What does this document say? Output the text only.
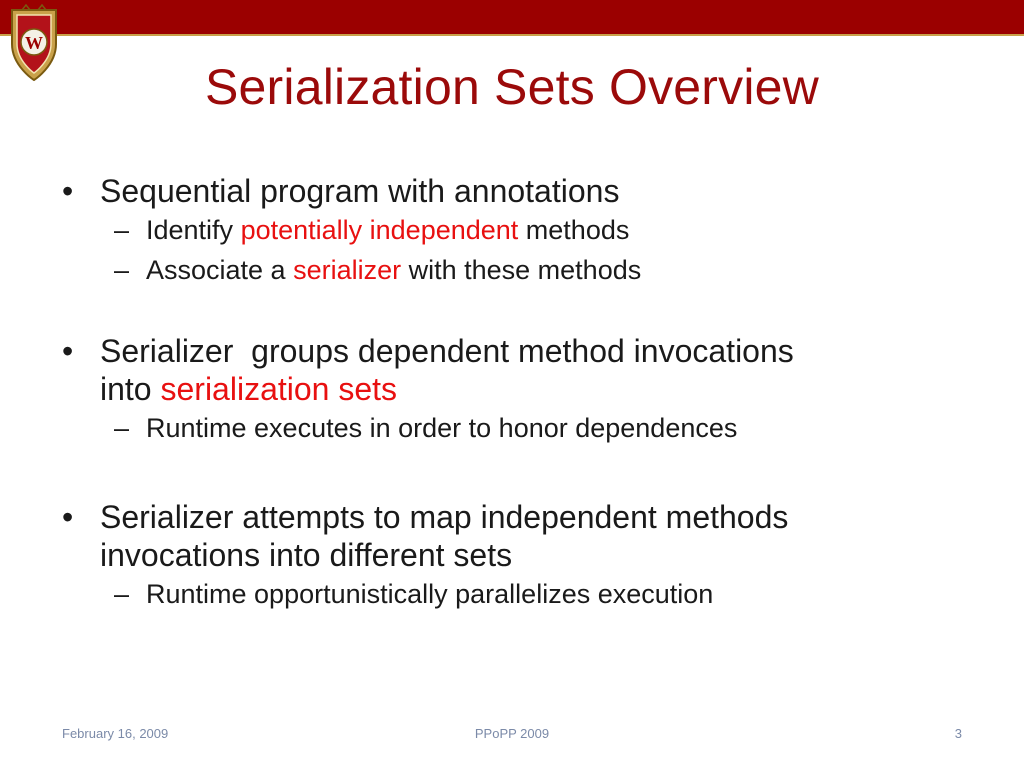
W
Serialization Sets Overview
• Sequential program with annotations
– Identify potentially independent methods
– Associate a serializer with these methods
• Serializer  groups dependent method invocations
into serialization sets
– Runtime executes in order to honor dependences
• Serializer attempts to map independent methods
invocations into different sets
– Runtime opportunistically parallelizes execution
February 16, 2009	PPoPP 2009	3
